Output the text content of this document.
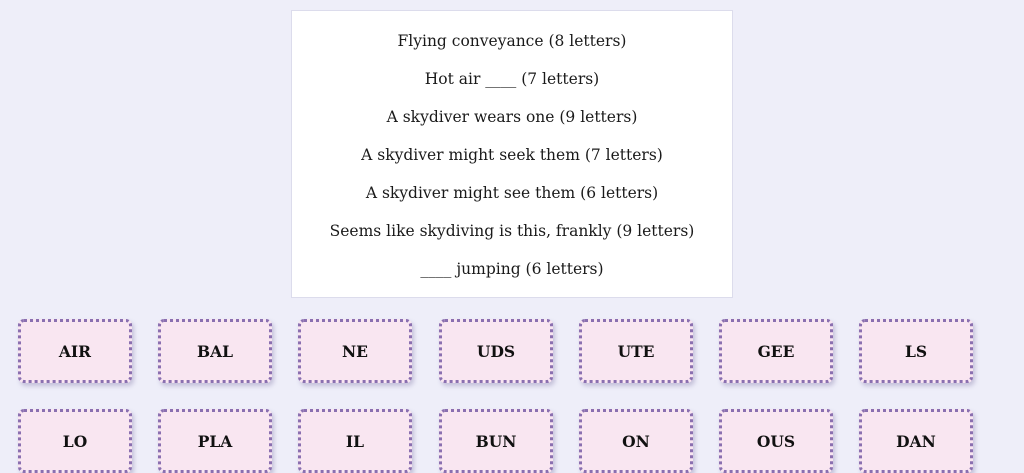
Flying conveyance (8 letters)
Hot air ____ (7 letters)
A skydiver wears one (9 letters)
A skydiver might seek them (7 letters)
A skydiver might see them (6 letters)
Seems like skydiving is this, frankly (9 letters)
____ jumping (6 letters)
AIR	BAL	NE	UDS	UTE	GEE	LS
LO	PLA	IL	BUN	ON	OUS	DAN
